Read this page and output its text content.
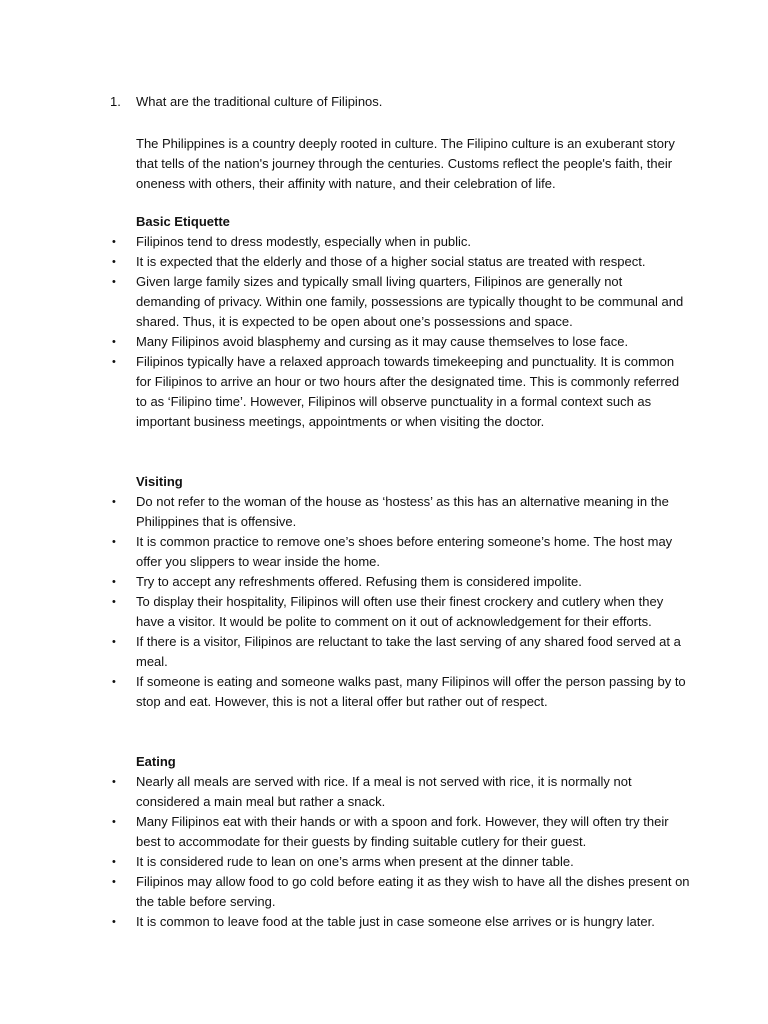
1. What are the traditional culture of Filipinos.
The Philippines is a country deeply rooted in culture. The Filipino culture is an exuberant story that tells of the nation's journey through the centuries. Customs reflect the people's faith, their oneness with others, their affinity with nature, and their celebration of life.
Basic Etiquette
• Filipinos tend to dress modestly, especially when in public.
• It is expected that the elderly and those of a higher social status are treated with respect.
• Given large family sizes and typically small living quarters, Filipinos are generally not demanding of privacy. Within one family, possessions are typically thought to be communal and shared. Thus, it is expected to be open about one’s possessions and space.
• Many Filipinos avoid blasphemy and cursing as it may cause themselves to lose face.
• Filipinos typically have a relaxed approach towards timekeeping and punctuality. It is common for Filipinos to arrive an hour or two hours after the designated time. This is commonly referred to as ‘Filipino time’. However, Filipinos will observe punctuality in a formal context such as important business meetings, appointments or when visiting the doctor.
Visiting
• Do not refer to the woman of the house as ‘hostess’ as this has an alternative meaning in the Philippines that is offensive.
• It is common practice to remove one’s shoes before entering someone’s home. The host may offer you slippers to wear inside the home.
• Try to accept any refreshments offered. Refusing them is considered impolite.
• To display their hospitality, Filipinos will often use their finest crockery and cutlery when they have a visitor. It would be polite to comment on it out of acknowledgement for their efforts.
• If there is a visitor, Filipinos are reluctant to take the last serving of any shared food served at a meal.
• If someone is eating and someone walks past, many Filipinos will offer the person passing by to stop and eat. However, this is not a literal offer but rather out of respect.
Eating
• Nearly all meals are served with rice. If a meal is not served with rice, it is normally not considered a main meal but rather a snack.
• Many Filipinos eat with their hands or with a spoon and fork. However, they will often try their best to accommodate for their guests by finding suitable cutlery for their guest.
• It is considered rude to lean on one’s arms when present at the dinner table.
• Filipinos may allow food to go cold before eating it as they wish to have all the dishes present on the table before serving.
• It is common to leave food at the table just in case someone else arrives or is hungry later.
